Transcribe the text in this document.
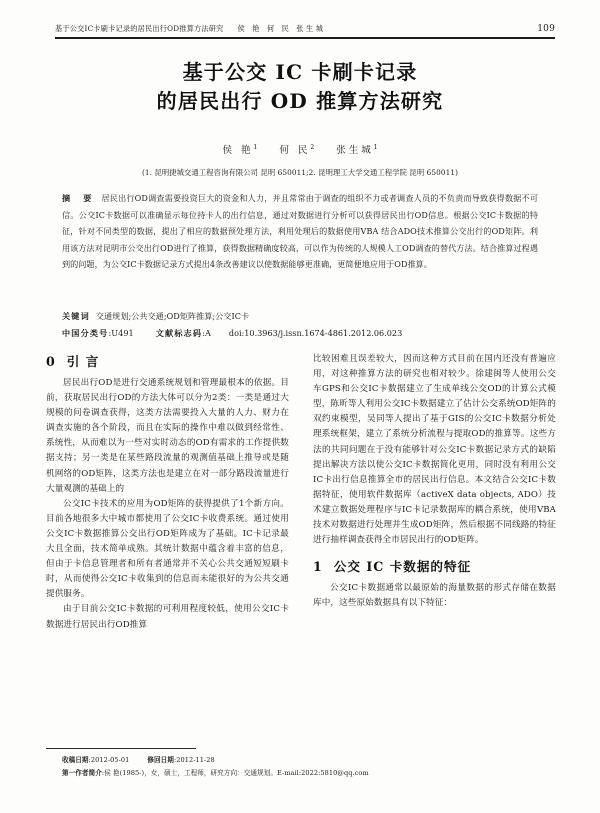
基于公交IC卡刷卡记录的居民出行OD推算方法研究 侯 艳 何 民 张生城	109
基于公交 IC 卡刷卡记录
的居民出行 OD 推算方法研究
侯 艳$^1$ 何 民$^2$ 张生城$^1$
(1. 昆明捷城交通工程咨询有限公司 昆明 650011;2. 昆明理工大学交通工程学院 昆明 650011)
摘 要 居民出行OD调查需要投资巨大的资金和人力，并且常常由于调查的组织不力或者调查人员的不负责而导致获得数据不可信。公交IC卡数据可以准确显示每位持卡人的出行信息，通过对数据进行分析可以获得居民出行OD信息。根据公交IC卡数据的特征，针对不同类型的数据，提出了相应的数据预处理方法，利用处理后的数据使用VBA 结合ADO技术推算公交出行的OD矩阵。利用该方法对昆明市公交出行OD进行了推算，获得数据精确度较高，可以作为传统的人规模人工OD调查的替代方法。结合推算过程遇到的问题，为公交IC卡数据记录方式提出4条改善建议以使数据能够更准确，更简便地应用于OD推算。
关键词 交通规划;公共交通;OD矩阵推算;公交IC卡
中国分类号:U491	文献标志码:A doi:10.3963/j.issn.1674-4861.2012.06.023
0 引 言

居民出行OD是进行交通系统规划和管理最根本的依据。目前，获取居民出行OD的方法大体可以分为2类：一类是通过大规模的问卷调查获得，这类方法需要投入大量的人力、财力在调查实施的各个阶段，而且在实际的操作中难以做到经常性、系统性，从而难以为一些对实时动态的OD有需求的工作提供数据支持；另一类是在某些路段流量的观测值基础上推导或是随机网络的OD矩阵，这类方法也是建立在对一部分路段流量进行大量观测的基础上的

公交IC卡技术的应用为OD矩阵的获得提供了1个新方向。目前各地很多大中城市都使用了公交IC卡收费系统。通过使用公交IC卡数据推算公交出行OD矩阵成为了基础。IC卡记录最大且全面，技术简单成熟。其统计数据中蕴含着丰富的信息，但由于卡信息管理者和所有者通常并不关心公共交通短短刷卡时，从而使得公交IC卡收集到的信息而未能很好的为公共交通提供服务。

由于目前公交IC卡数据的可利用程度较低，使用公交IC卡数据进行居民出行OD推算

比较困难且误差较大，因而这种方式目前在国内还没有普遍应用，对这种推算方法的研究也相对较少。徐建闽等人使用公交车GPS和公交IC卡数据建立了生成单线公交OD的计算公式模型，陈昕等人利用公交IC卡数据建立了估计公交系统OD矩阵的双约束模型，吴同等人提出了基于GIS的公交IC卡数据分析处理系统框架，建立了系统分析流程与提取OD的推算等。这些方法的共同问题在于没有能够针对公交IC卡数据记录方式的缺陷提出解决方法以使公交IC卡数据简化更用，同时没有利用公交IC卡出行信息推算全市的居民出行信息。本文结合公交IC卡数据特征，使用软件数据库（activeX data objects, ADO）技术建立数据处理程序与IC卡记录数据库的耦合系统，使用VBA 技术对数据进行处理并生成OD矩阵，然后根据不同线路的特征进行抽样调查获得全市居民出行的OD矩阵。

1 公交 IC 卡数据的特征

公交IC卡数据通常以最原始的海量数据的形式存储在数据库中，这些原始数据具有以下特征：

收稿日期:2012-05-01	修回日期:2012-11-28
第一作者简介:侯 艳(1985-)，女，硕士，工程师，研究方向：交通规划。E-mail:2022:5810@qq.com
